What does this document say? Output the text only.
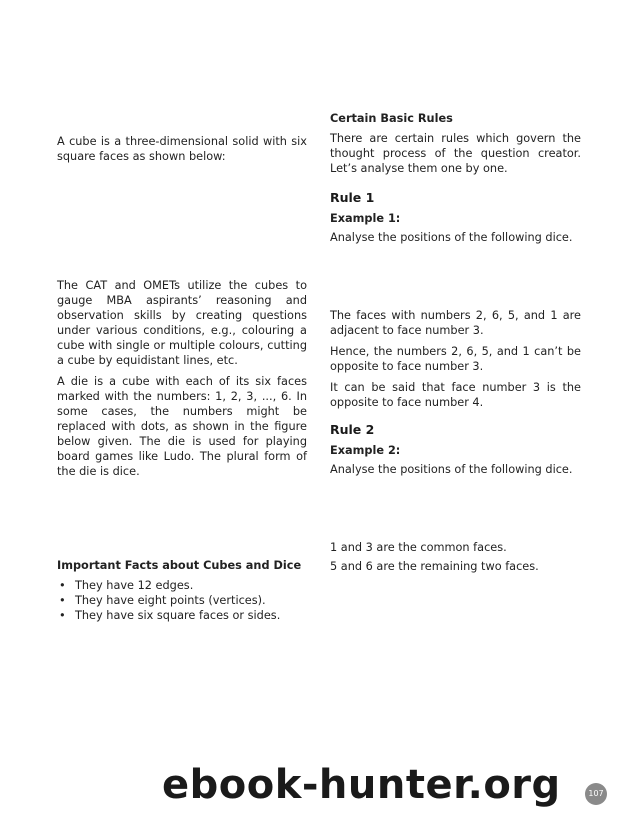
A cube is a three-dimensional solid with six square faces as shown below:

The CAT and OMETs utilize the cubes to gauge MBA aspirants’ reasoning and observation skills by creating questions under various conditions, e.g., colouring a cube with single or multiple colours, cutting a cube by equidistant lines, etc.

A die is a cube with each of its six faces marked with the numbers: 1, 2, 3, ..., 6. In some cases, the numbers might be replaced with dots, as shown in the figure below given. The die is used for playing board games like Ludo. The plural form of the die is dice.

Important Facts about Cubes and Dice
• They have 12 edges.
• They have eight points (vertices).
• They have six square faces or sides.
Certain Basic Rules

There are certain rules which govern the thought process of the question creator. Let’s analyse them one by one.

Rule 1
Example 1:

Analyse the positions of the following dice.

The faces with numbers 2, 6, 5, and 1 are adjacent to face number 3.

Hence, the numbers 2, 6, 5, and 1 can’t be opposite to face number 3.

It can be said that face number 3 is the opposite to face number 4.

Rule 2
Example 2:

Analyse the positions of the following dice.

1 and 3 are the common faces.

5 and 6 are the remaining two faces.

107
ebook-hunter.org
